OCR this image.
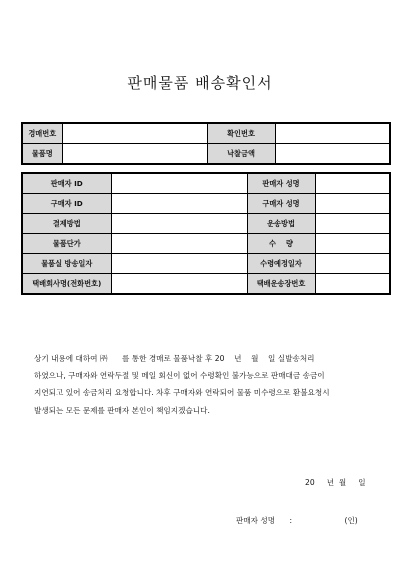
판매물품 배송확인서
경매번호		확인번호	
물품명		낙찰금액	
판매자 ID		판매자 성명	
구매자 ID		구매자 성명	
결제방법		운송방법	
물품단가		수    량	
물품실 방송일자		수령예정일자	
택배회사명(전화번호)		택배운송장번호	
상기 내용에 대하여 ㈜      를 통한 경매로 물품낙찰 후 20    년    월    일 실발송처리
하였으나, 구매자와 연락두절 및 메일 회신이 없어 수령확인 불가능으로 판매대금 송금이
지연되고 있어 송금처리 요청합니다. 차후 구매자와 연락되어 물품 미수령으로 환불요청시
발생되는 모든 문제를 판매자 본인이 책임지겠습니다.
20     년  월     일
판매자 성명 :	(인)
